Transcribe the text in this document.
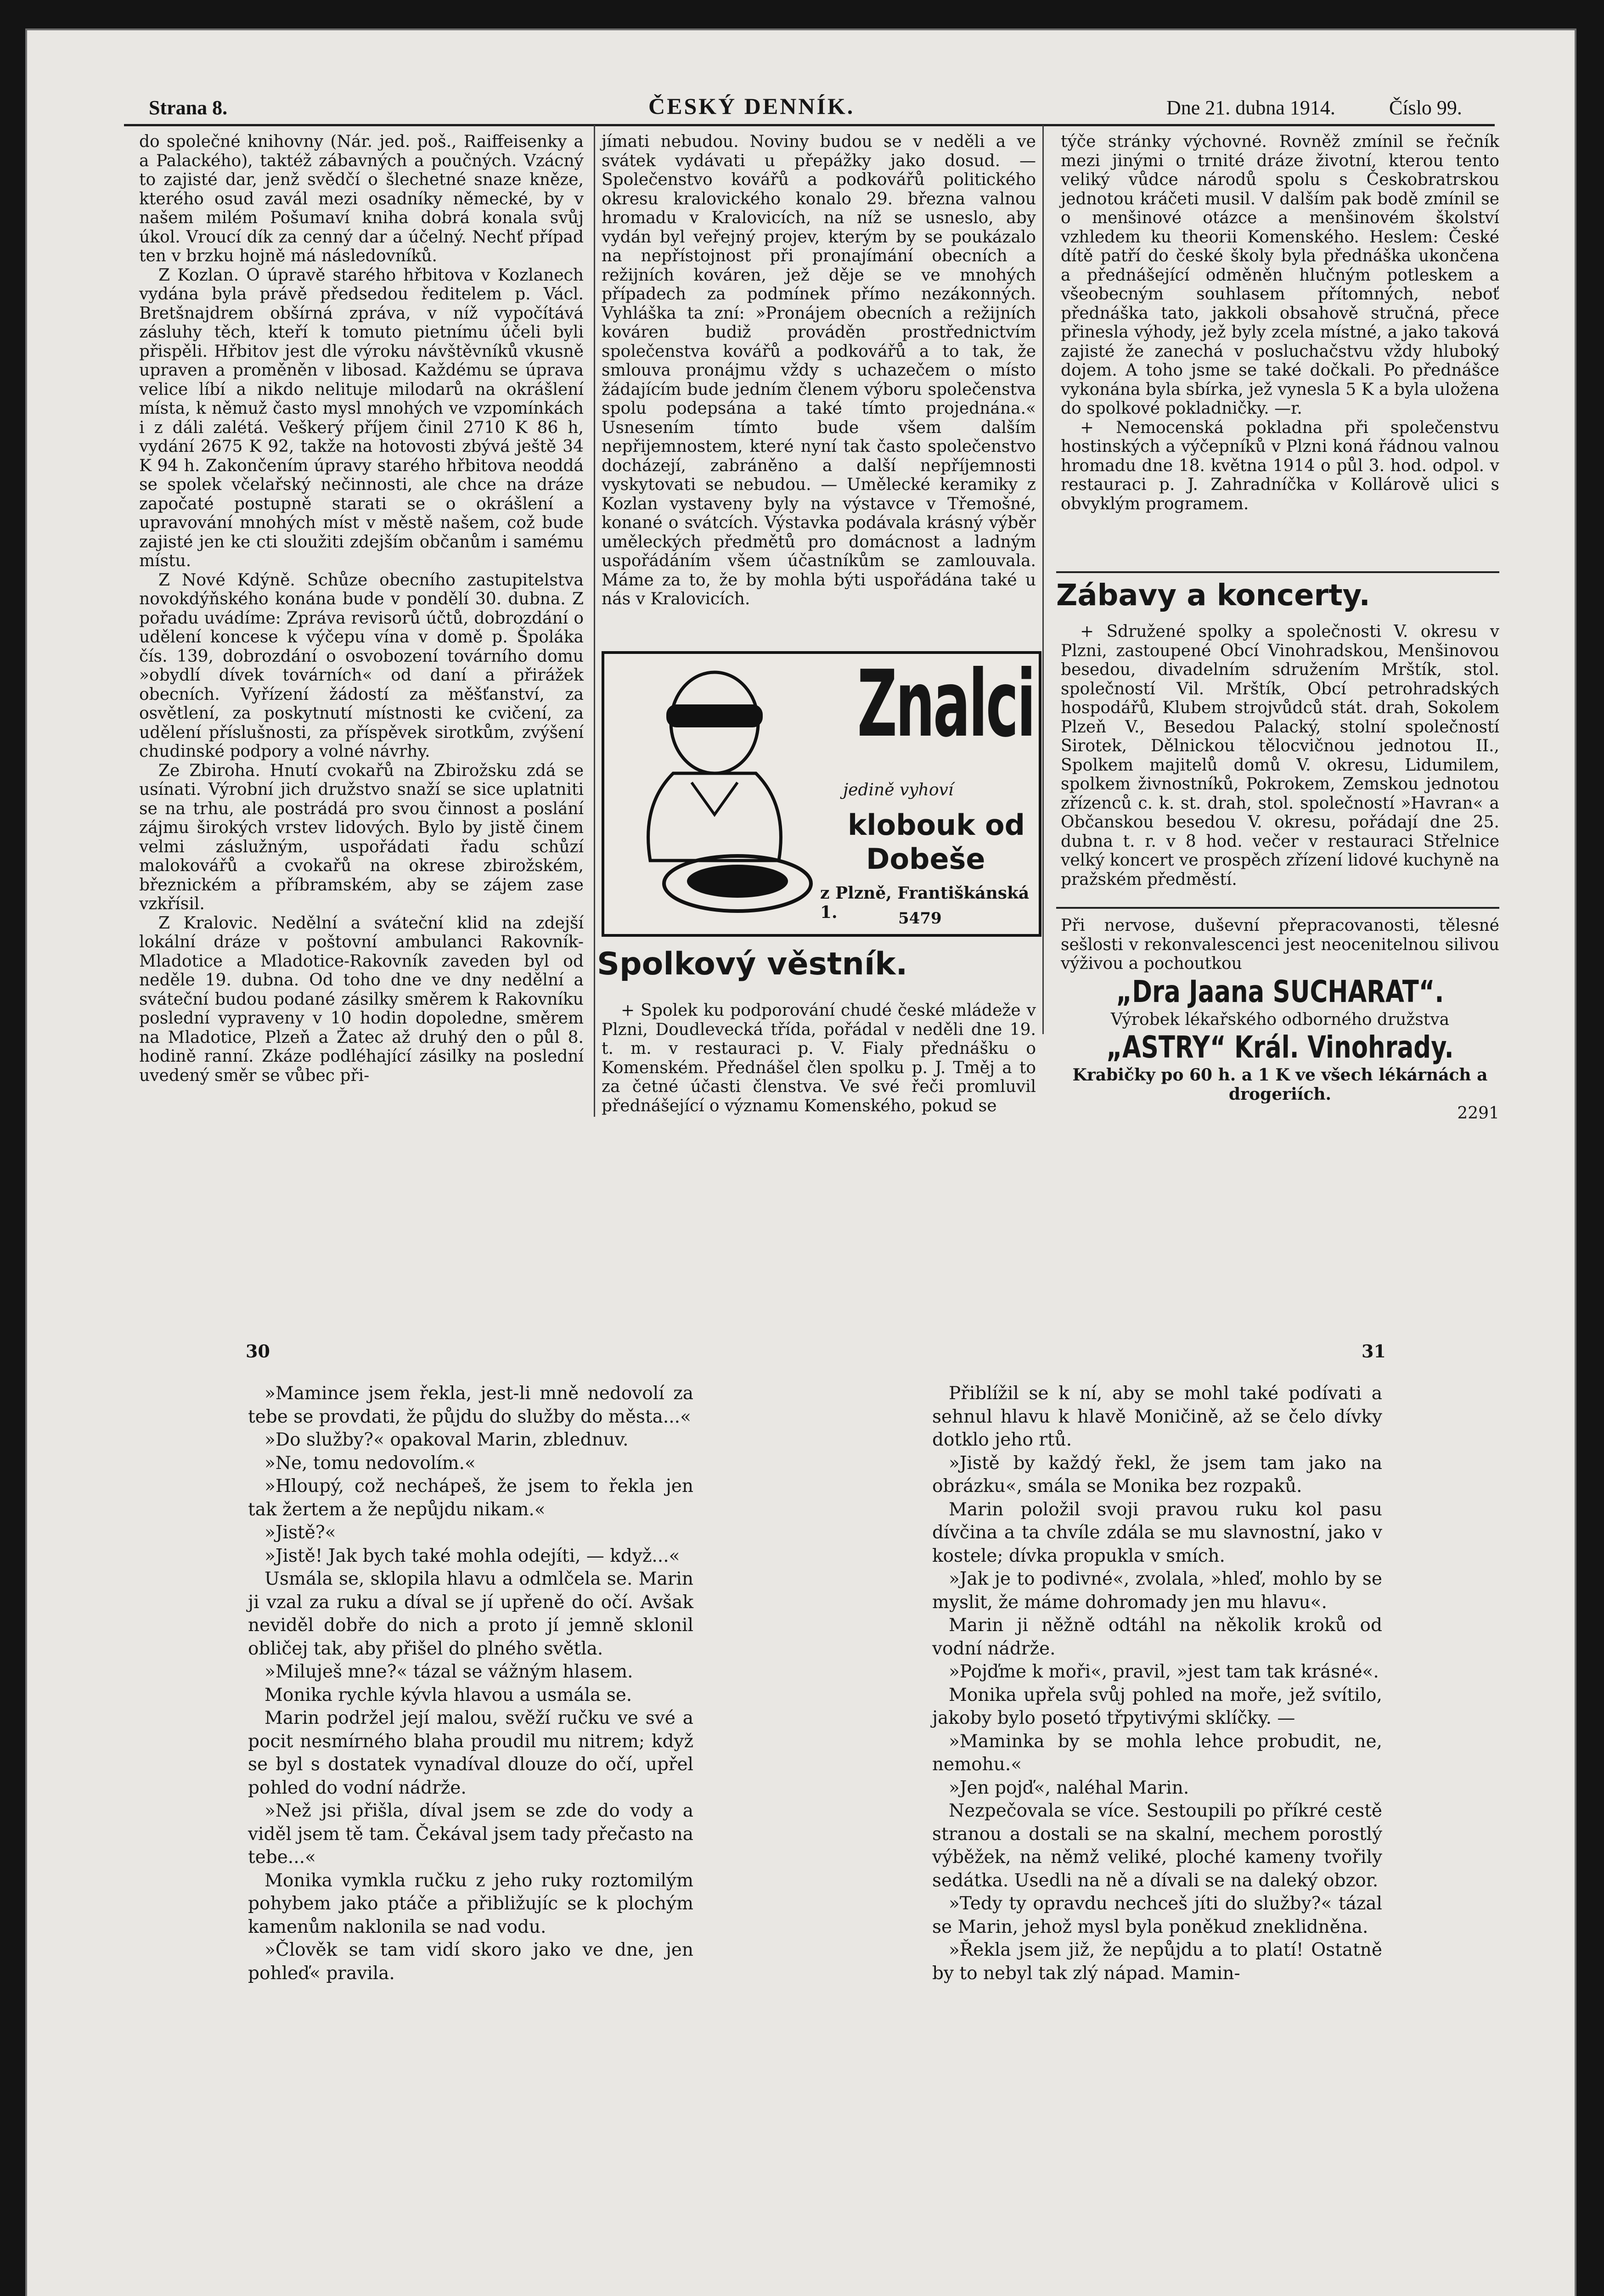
Strana 8.	ČESKÝ DENNÍK.	Dne 21. dubna 1914.	Číslo 99.

do společné knihovny (Nár. jed. poš., Raiffeisenky a a Palackého), taktéž zábavných a poučných. Vzácný to zajisté dar, jenž svědčí o šlechetné snaze kněze, kterého osud zavál mezi osadníky německé, by v našem milém Pošumaví kniha dobrá konala svůj úkol. Vroucí dík za cenný dar a účelný. Nechť případ ten v brzku hojně má následovníků.

Z Kozlan. O úpravě starého hřbitova v Kozlanech vydána byla právě předsedou ředitelem p. Václ. Bretšnajdrem obšírná zpráva, v níž vypočítává zásluhy těch, kteří k tomuto pietnímu účeli byli přispěli. Hřbitov jest dle výroku návštěvníků vkusně upraven a proměněn v libosad. Každému se úprava velice líbí a nikdo nelituje milodarů na okrášlení místa, k němuž často mysl mnohých ve vzpomínkách i z dáli zalétá. Veškerý příjem činil 2710 K 86 h, vydání 2675 K 92, takže na hotovosti zbývá ještě 34 K 94 h. Zakončením úpravy starého hřbitova neoddá se spolek včelařský nečinnosti, ale chce na dráze započaté postupně starati se o okrášlení a upravování mnohých míst v městě našem, což bude zajisté jen ke cti sloužiti zdejším občanům i samému místu.

Z Nové Kdýně. Schůze obecního zastupitelstva novokdýňského konána bude v pondělí 30. dubna. Z pořadu uvádíme: Zpráva revisorů účtů, dobrozdání o udělení koncese k výčepu vína v domě p. Špoláka čís. 139, dobrozdání o osvobození továrního domu »obydlí dívek továrních« od daní a přirážek obecních. Vyřízení žádostí za měšťanství, za osvětlení, za poskytnutí místnosti ke cvičení, za udělení příslušnosti, za příspěvek sirotkům, zvýšení chudinské podpory a volné návrhy.

Ze Zbiroha. Hnutí cvokařů na Zbirožsku zdá se usínati. Výrobní jich družstvo snaží se sice uplatniti se na trhu, ale postrádá pro svou činnost a poslání zájmu širokých vrstev lidových. Bylo by jistě činem velmi záslužným, uspořádati řadu schůzí malokovářů a cvokařů na okrese zbirožském, březnickém a příbramském, aby se zájem zase vzkřísil.

Z Kralovic. Nedělní a sváteční klid na zdejší lokální dráze v poštovní ambulanci Rakovník-Mladotice a Mladotice-Rakovník zaveden byl od neděle 19. dubna. Od toho dne ve dny nedělní a sváteční budou podané zásilky směrem k Rakovníku poslední vypraveny v 10 hodin dopoledne, směrem na Mladotice, Plzeň a Žatec až druhý den o půl 8. hodině ranní. Zkáze podléhající zásilky na poslední uvedený směr se vůbec při-

jímati nebudou. Noviny budou se v neděli a ve svátek vydávati u přepážky jako dosud. — Společenstvo kovářů a podkovářů politického okresu kralovického konalo 29. března valnou hromadu v Kralovicích, na níž se usneslo, aby vydán byl veřejný projev, kterým by se poukázalo na nepřístojnost při pronajímání obecních a režijních kováren, jež děje se ve mnohých případech za podmínek přímo nezákonných. Vyhláška ta zní: »Pronájem obecních a režijních kováren budiž prováděn prostřednictvím společenstva kovářů a podkovářů a to tak, že smlouva pronájmu vždy s uchazečem o místo žádajícím bude jedním členem výboru společenstva spolu podepsána a také tímto projednána.« Usnesením tímto bude všem dalším nepřijemnostem, které nyní tak často společenstvo docházejí, zabráněno a další nepříjemnosti vyskytovati se nebudou. — Umělecké keramiky z Kozlan vystaveny byly na výstavce v Třemošné, konané o svátcích. Výstavka podávala krásný výběr uměleckých předmětů pro domácnost a ladným uspořádáním všem účastníkům se zamlouvala. Máme za to, že by mohla býti uspořádána také u nás v Kralovicích.

Znalci
jedině vyhoví
klobouk od
Dobeše
z Plzně, Františkánská 1.	5479
Spolkový věstník.

+ Spolek ku podporování chudé české mládeže v Plzni, Doudlevecká třída, pořádal v neděli dne 19. t. m. v restauraci p. V. Fialy přednášku o Komenském. Přednášel člen spolku p. J. Tměj a to za četné účasti členstva. Ve své řeči promluvil přednášející o významu Komenského, pokud se

týče stránky výchovné. Rovněž zmínil se řečník mezi jinými o trnité dráze životní, kterou tento veliký vůdce národů spolu s Českobratrskou jednotou kráčeti musil. V dalším pak bodě zmínil se o menšinové otázce a menšinovém školství vzhledem ku theorii Komenského. Heslem: České dítě patří do české školy byla přednáška ukončena a přednášející odměněn hlučným potleskem a všeobecným souhlasem přítomných, neboť přednáška tato, jakkoli obsahově stručná, přece přinesla výhody, jež byly zcela místné, a jako taková zajisté že zanechá v posluchačstvu vždy hluboký dojem. A toho jsme se také dočkali. Po přednášce vykonána byla sbírka, jež vynesla 5 K a byla uložena do spolkové pokladničky. —r.

+ Nemocenská pokladna při společenstvu hostinských a výčepníků v Plzni koná řádnou valnou hromadu dne 18. května 1914 o půl 3. hod. odpol. v restauraci p. J. Zahradníčka v Kollárově ulici s obvyklým programem.

Zábavy a koncerty.

+ Sdružené spolky a společnosti V. okresu v Plzni, zastoupené Obcí Vinohradskou, Menšinovou besedou, divadelním sdružením Mrštík, stol. společností Vil. Mrštík, Obcí petrohradských hospodářů, Klubem strojvůdců stát. drah, Sokolem Plzeň V., Besedou Palacký, stolní společností Sirotek, Dělnickou tělocvičnou jednotou II., Spolkem majitelů domů V. okresu, Lidumilem, spolkem živnostníků, Pokrokem, Zemskou jednotou zřízenců c. k. st. drah, stol. společností »Havran« a Občanskou besedou V. okresu, pořádají dne 25. dubna t. r. v 8 hod. večer v restauraci Střelnice velký koncert ve prospěch zřízení lidové kuchyně na pražském předměstí.

Při nervose, duševní přepracovanosti, tělesné sešlosti v rekonvalescenci jest neocenitelnou silivou výživou a pochoutkou

„Dra Jaana SUCHARAT“.
Výrobek lékařského odborného družstva
„ASTRY“ Král. Vinohrady.
Krabičky po 60 h. a 1 K ve všech lékárnách a drogeriích.
2291
30

»Mamince jsem řekla, jest-li mně nedovolí za tebe se provdati, že půjdu do služby do města...«

»Do služby?« opakoval Marin, zblednuv.

»Ne, tomu nedovolím.«

»Hloupý, což nechápeš, že jsem to řekla jen tak žertem a že nepůjdu nikam.«

»Jistě?«

»Jistě! Jak bych také mohla odejíti, — když...«

Usmála se, sklopila hlavu a odmlčela se. Marin ji vzal za ruku a díval se jí upřeně do očí. Avšak neviděl dobře do nich a proto jí jemně sklonil obličej tak, aby přišel do plného světla.

»Miluješ mne?« tázal se vážným hlasem.

Monika rychle kývla hlavou a usmála se.

Marin podržel její malou, svěží ručku ve své a pocit nesmírného blaha proudil mu nitrem; když se byl s dostatek vynadíval dlouze do očí, upřel pohled do vodní nádrže.

»Než jsi přišla, díval jsem se zde do vody a viděl jsem tě tam. Čekával jsem tady přečasto na tebe...«

Monika vymkla ručku z jeho ruky roztomilým pohybem jako ptáče a přibližujíc se k plochým kamenům naklonila se nad vodu.

»Člověk se tam vidí skoro jako ve dne, jen pohleď« pravila.

31

Přiblížil se k ní, aby se mohl také podívati a sehnul hlavu k hlavě Moničině, až se čelo dívky dotklo jeho rtů.

»Jistě by každý řekl, že jsem tam jako na obrázku«, smála se Monika bez rozpaků.

Marin položil svoji pravou ruku kol pasu dívčina a ta chvíle zdála se mu slavnostní, jako v kostele; dívka propukla v smích.

»Jak je to podivné«, zvolala, »hleď, mohlo by se myslit, že máme dohromady jen mu hlavu«.

Marin ji něžně odtáhl na několik kroků od vodní nádrže.

»Pojďme k moři«, pravil, »jest tam tak krásné«.

Monika upřela svůj pohled na moře, jež svítilo, jakoby bylo posetó třpytivými sklíčky. —

»Maminka by se mohla lehce probudit, ne, nemohu.«

»Jen pojď«, naléhal Marin.

Nezpečovala se více. Sestoupili po příkré cestě stranou a dostali se na skalní, mechem porostlý výběžek, na němž veliké, ploché kameny tvořily sedátka. Usedli na ně a dívali se na daleký obzor.

»Tedy ty opravdu nechceš jíti do služby?« tázal se Marin, jehož mysl byla poněkud zneklidněna.

»Řekla jsem již, že nepůjdu a to platí! Ostatně by to nebyl tak zlý nápad. Mamin-
